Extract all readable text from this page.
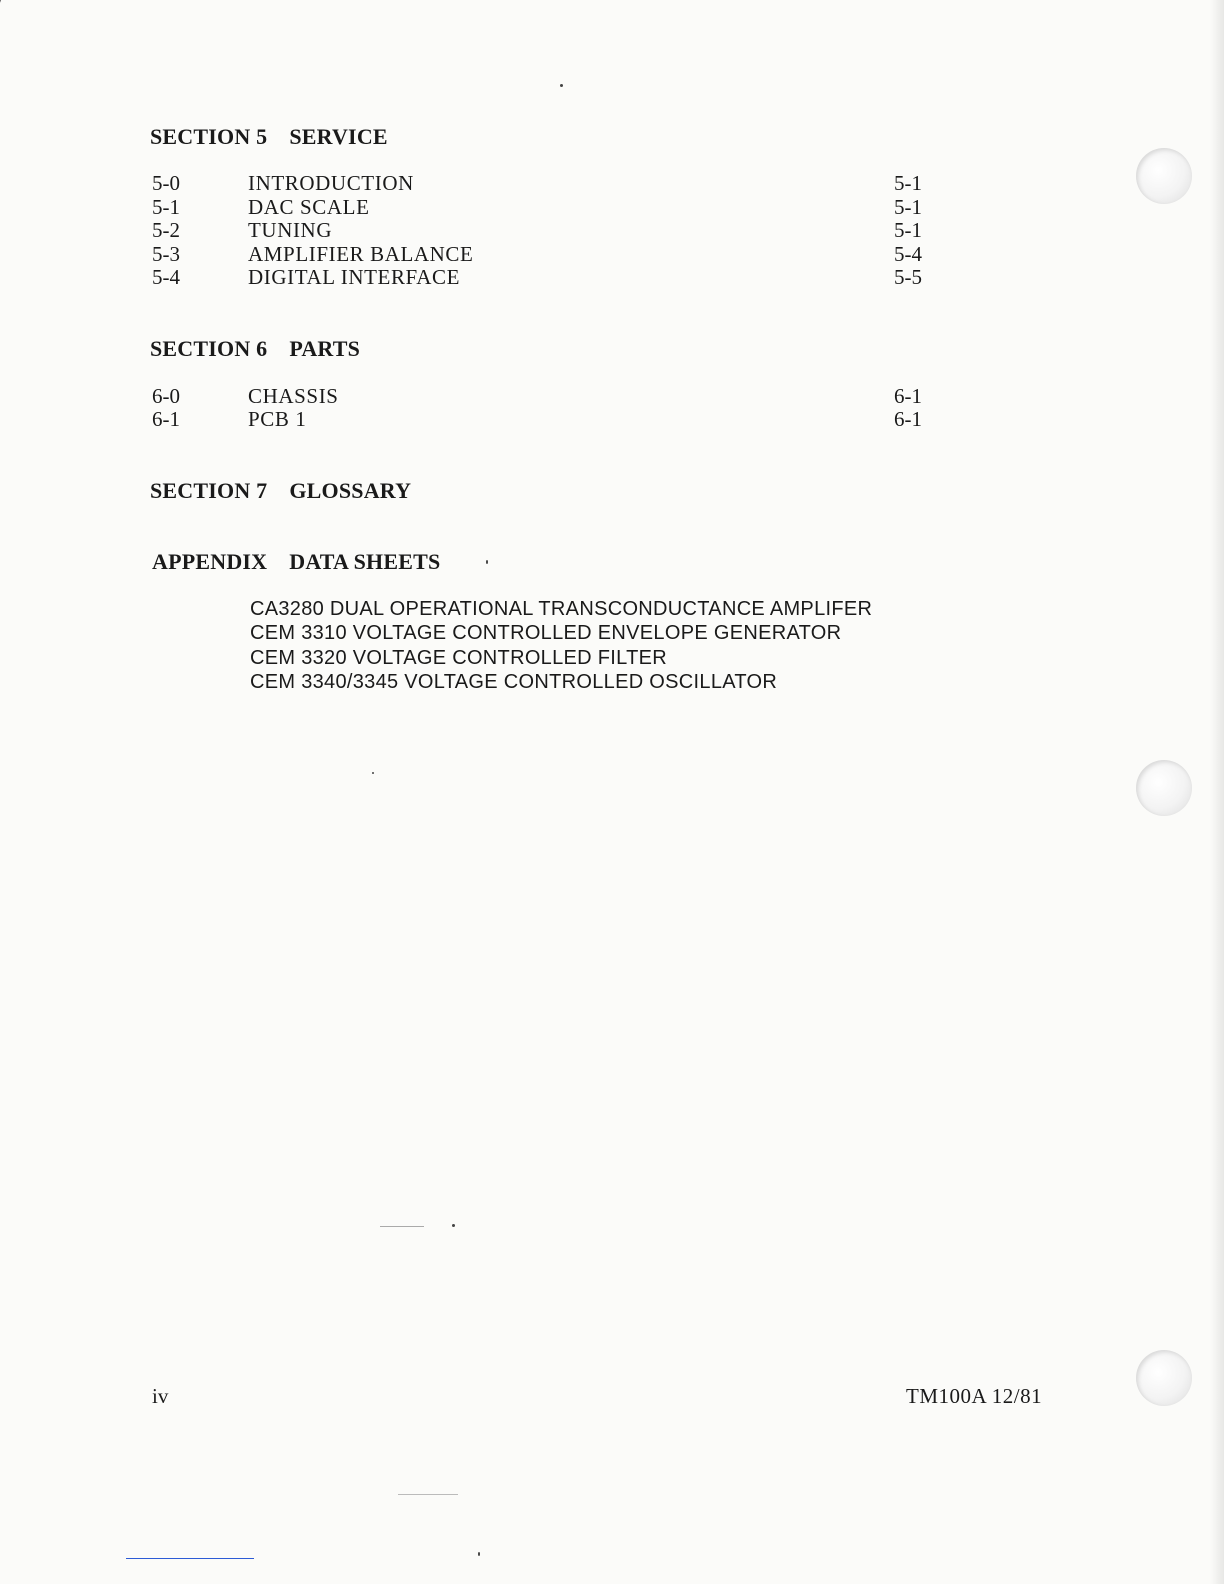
SECTION 5 SERVICE
5-0	INTRODUCTION	5-1
5-1	DAC SCALE	5-1
5-2	TUNING	5-1
5-3	AMPLIFIER BALANCE	5-4
5-4	DIGITAL INTERFACE	5-5
SECTION 6 PARTS
6-0	CHASSIS	6-1
6-1	PCB 1	6-1
SECTION 7 GLOSSARY
APPENDIX DATA SHEETS
CA3280 DUAL OPERATIONAL TRANSCONDUCTANCE AMPLIFER
CEM 3310 VOLTAGE CONTROLLED ENVELOPE GENERATOR
CEM 3320 VOLTAGE CONTROLLED FILTER
CEM 3340/3345 VOLTAGE CONTROLLED OSCILLATOR
iv	TM100A 12/81
